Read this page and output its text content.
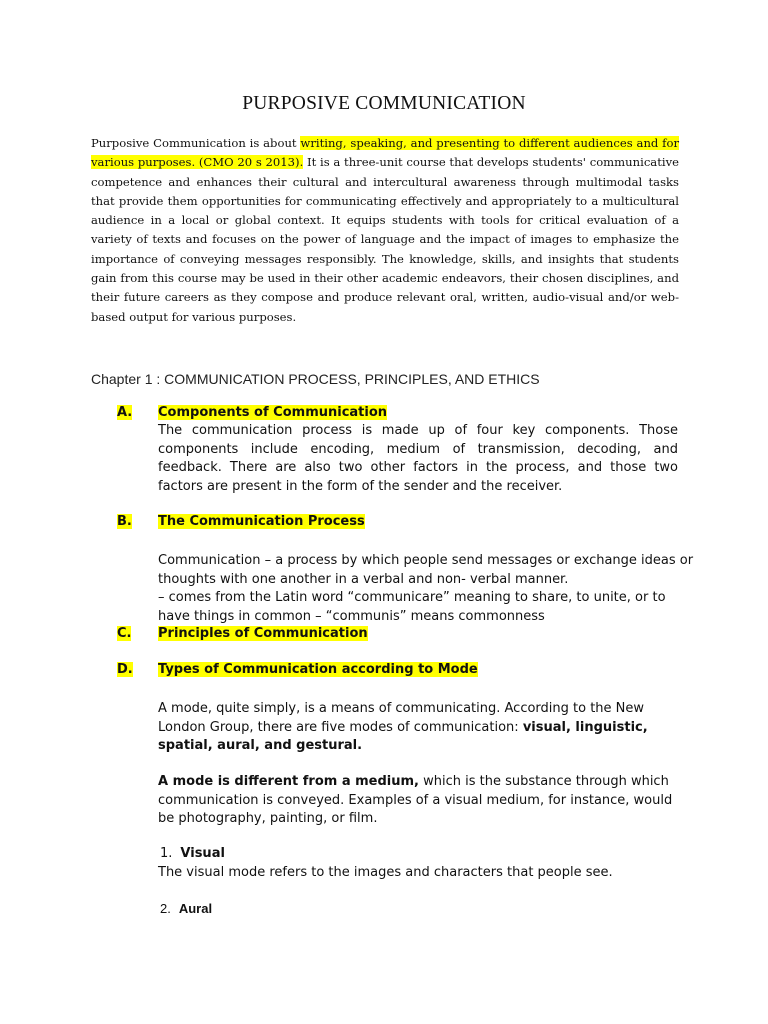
PURPOSIVE COMMUNICATION
Purposive Communication is about writing, speaking, and presenting to different audiences and for various purposes. (CMO 20 s 2013). It is a three-unit course that develops students' communicative competence and enhances their cultural and intercultural awareness through multimodal tasks that provide them opportunities for communicating effectively and appropriately to a multicultural audience in a local or global context. It equips students with tools for critical evaluation of a variety of texts and focuses on the power of language and the impact of images to emphasize the importance of conveying messages responsibly. The knowledge, skills, and insights that students gain from this course may be used in their other academic endeavors, their chosen disciplines, and their future careers as they compose and produce relevant oral, written, audio-visual and/or web-based output for various purposes.
Chapter 1 : COMMUNICATION PROCESS, PRINCIPLES, AND ETHICS
A. Components of Communication
The communication process is made up of four key components. Those components include encoding, medium of transmission, decoding, and feedback. There are also two other factors in the process, and those two factors are present in the form of the sender and the receiver.
B. The Communication Process
Communication – a process by which people send messages or exchange ideas or
thoughts with one another in a verbal and non- verbal manner.
– comes from the Latin word “communicare” meaning to share, to unite, or to
have things in common – “communis” means commonness
C. Principles of Communication
D. Types of Communication according to Mode
A mode, quite simply, is a means of communicating. According to the New
London Group, there are five modes of communication: visual, linguistic,
spatial, aural, and gestural.
A mode is different from a medium, which is the substance through which
communication is conveyed. Examples of a visual medium, for instance, would
be photography, painting, or film.
1. Visual
The visual mode refers to the images and characters that people see.
2. Aural
